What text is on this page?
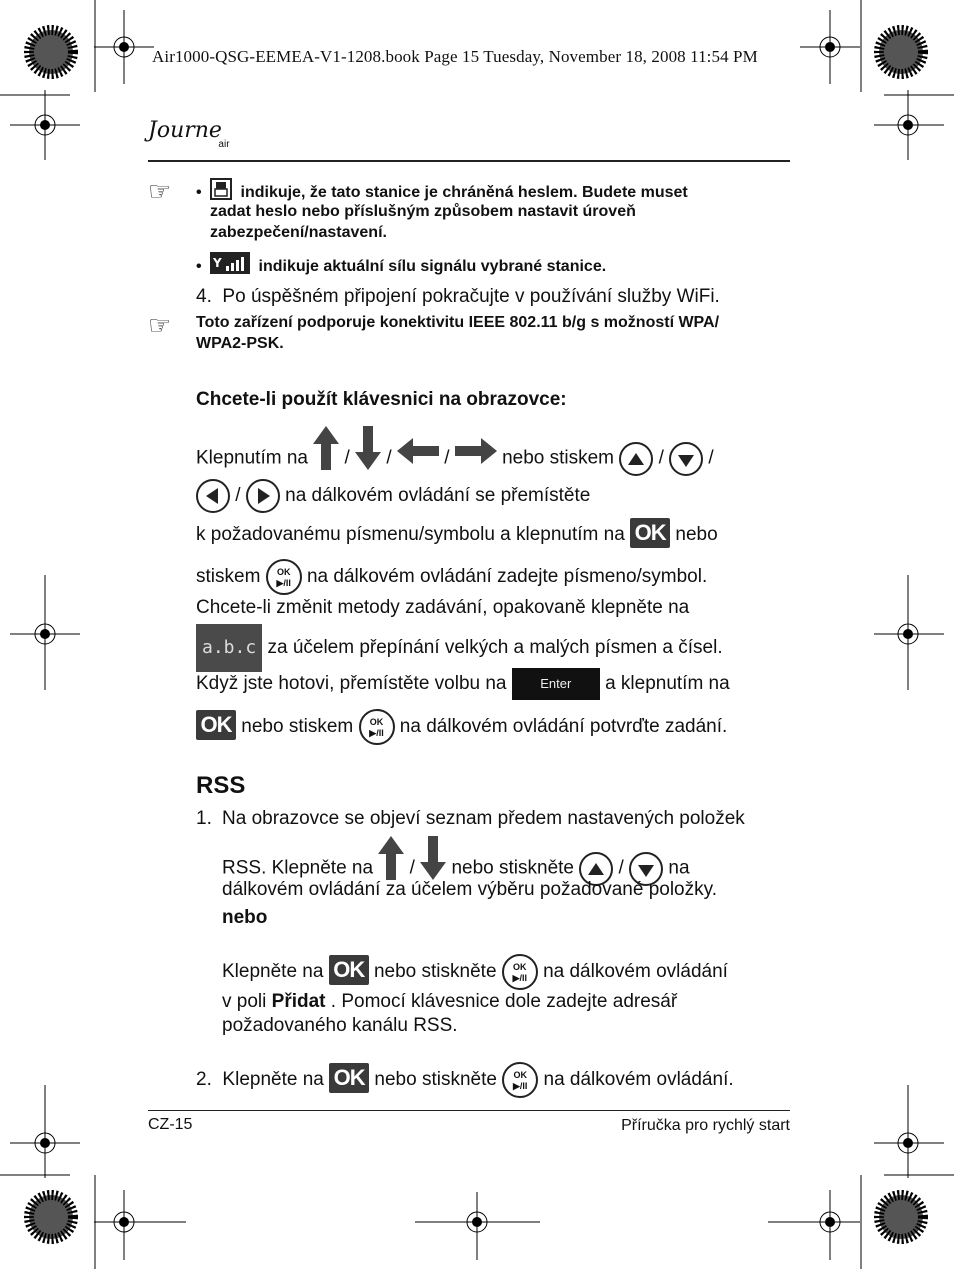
Air1000-QSG-EEMEA-V1-1208.book Page 15 Tuesday, November 18, 2008 11:54 PM
Journe $_{air}$
☞ •  indikuje, že tato stanice je chráněná heslem. Budete muset
zadat heslo nebo příslušným způsobem nastavit úroveň
zabezpečení/nastavení.
• Y indikuje aktuální sílu signálu vybrané stanice.
4. Po úspěšném připojení pokračujte v používání služby WiFi.
☞ Toto zařízení podporuje konektivitu IEEE 802.11 b/g s možností WPA/
WPA2-PSK.
Chcete-li použít klávesnici na obrazovce:
Klepnutím na / /	/	nebo stiskem / /
/ na dálkovém ovládání se přemístěte
k požadovanému písmenu/symbolu a klepnutím na OK nebo
stiskem OK
▶/II na dálkovém ovládání zadejte písmeno/symbol.
Chcete-li změnit metody zadávání, opakovaně klepněte na
a.b.c za účelem přepínání velkých a malých písmen a čísel.
Když jste hotovi, přemístěte volbu na	Enter a klepnutím na
OK nebo stiskem OK
▶/II na dálkovém ovládání potvrďte zadání.
RSS
1. Na obrazovce se objeví seznam předem nastavených položek
RSS. Klepněte na / nebo stiskněte / na
dálkovém ovládání za účelem výběru požadované položky.
nebo
Klepněte na OK nebo stiskněte OK
▶/II na dálkovém ovládání
v poli Přidat . Pomocí klávesnice dole zadejte adresář
požadovaného kanálu RSS.
2. Klepněte na OK nebo stiskněte OK
▶/II na dálkovém ovládání.
CZ-15	Příručka pro rychlý start
